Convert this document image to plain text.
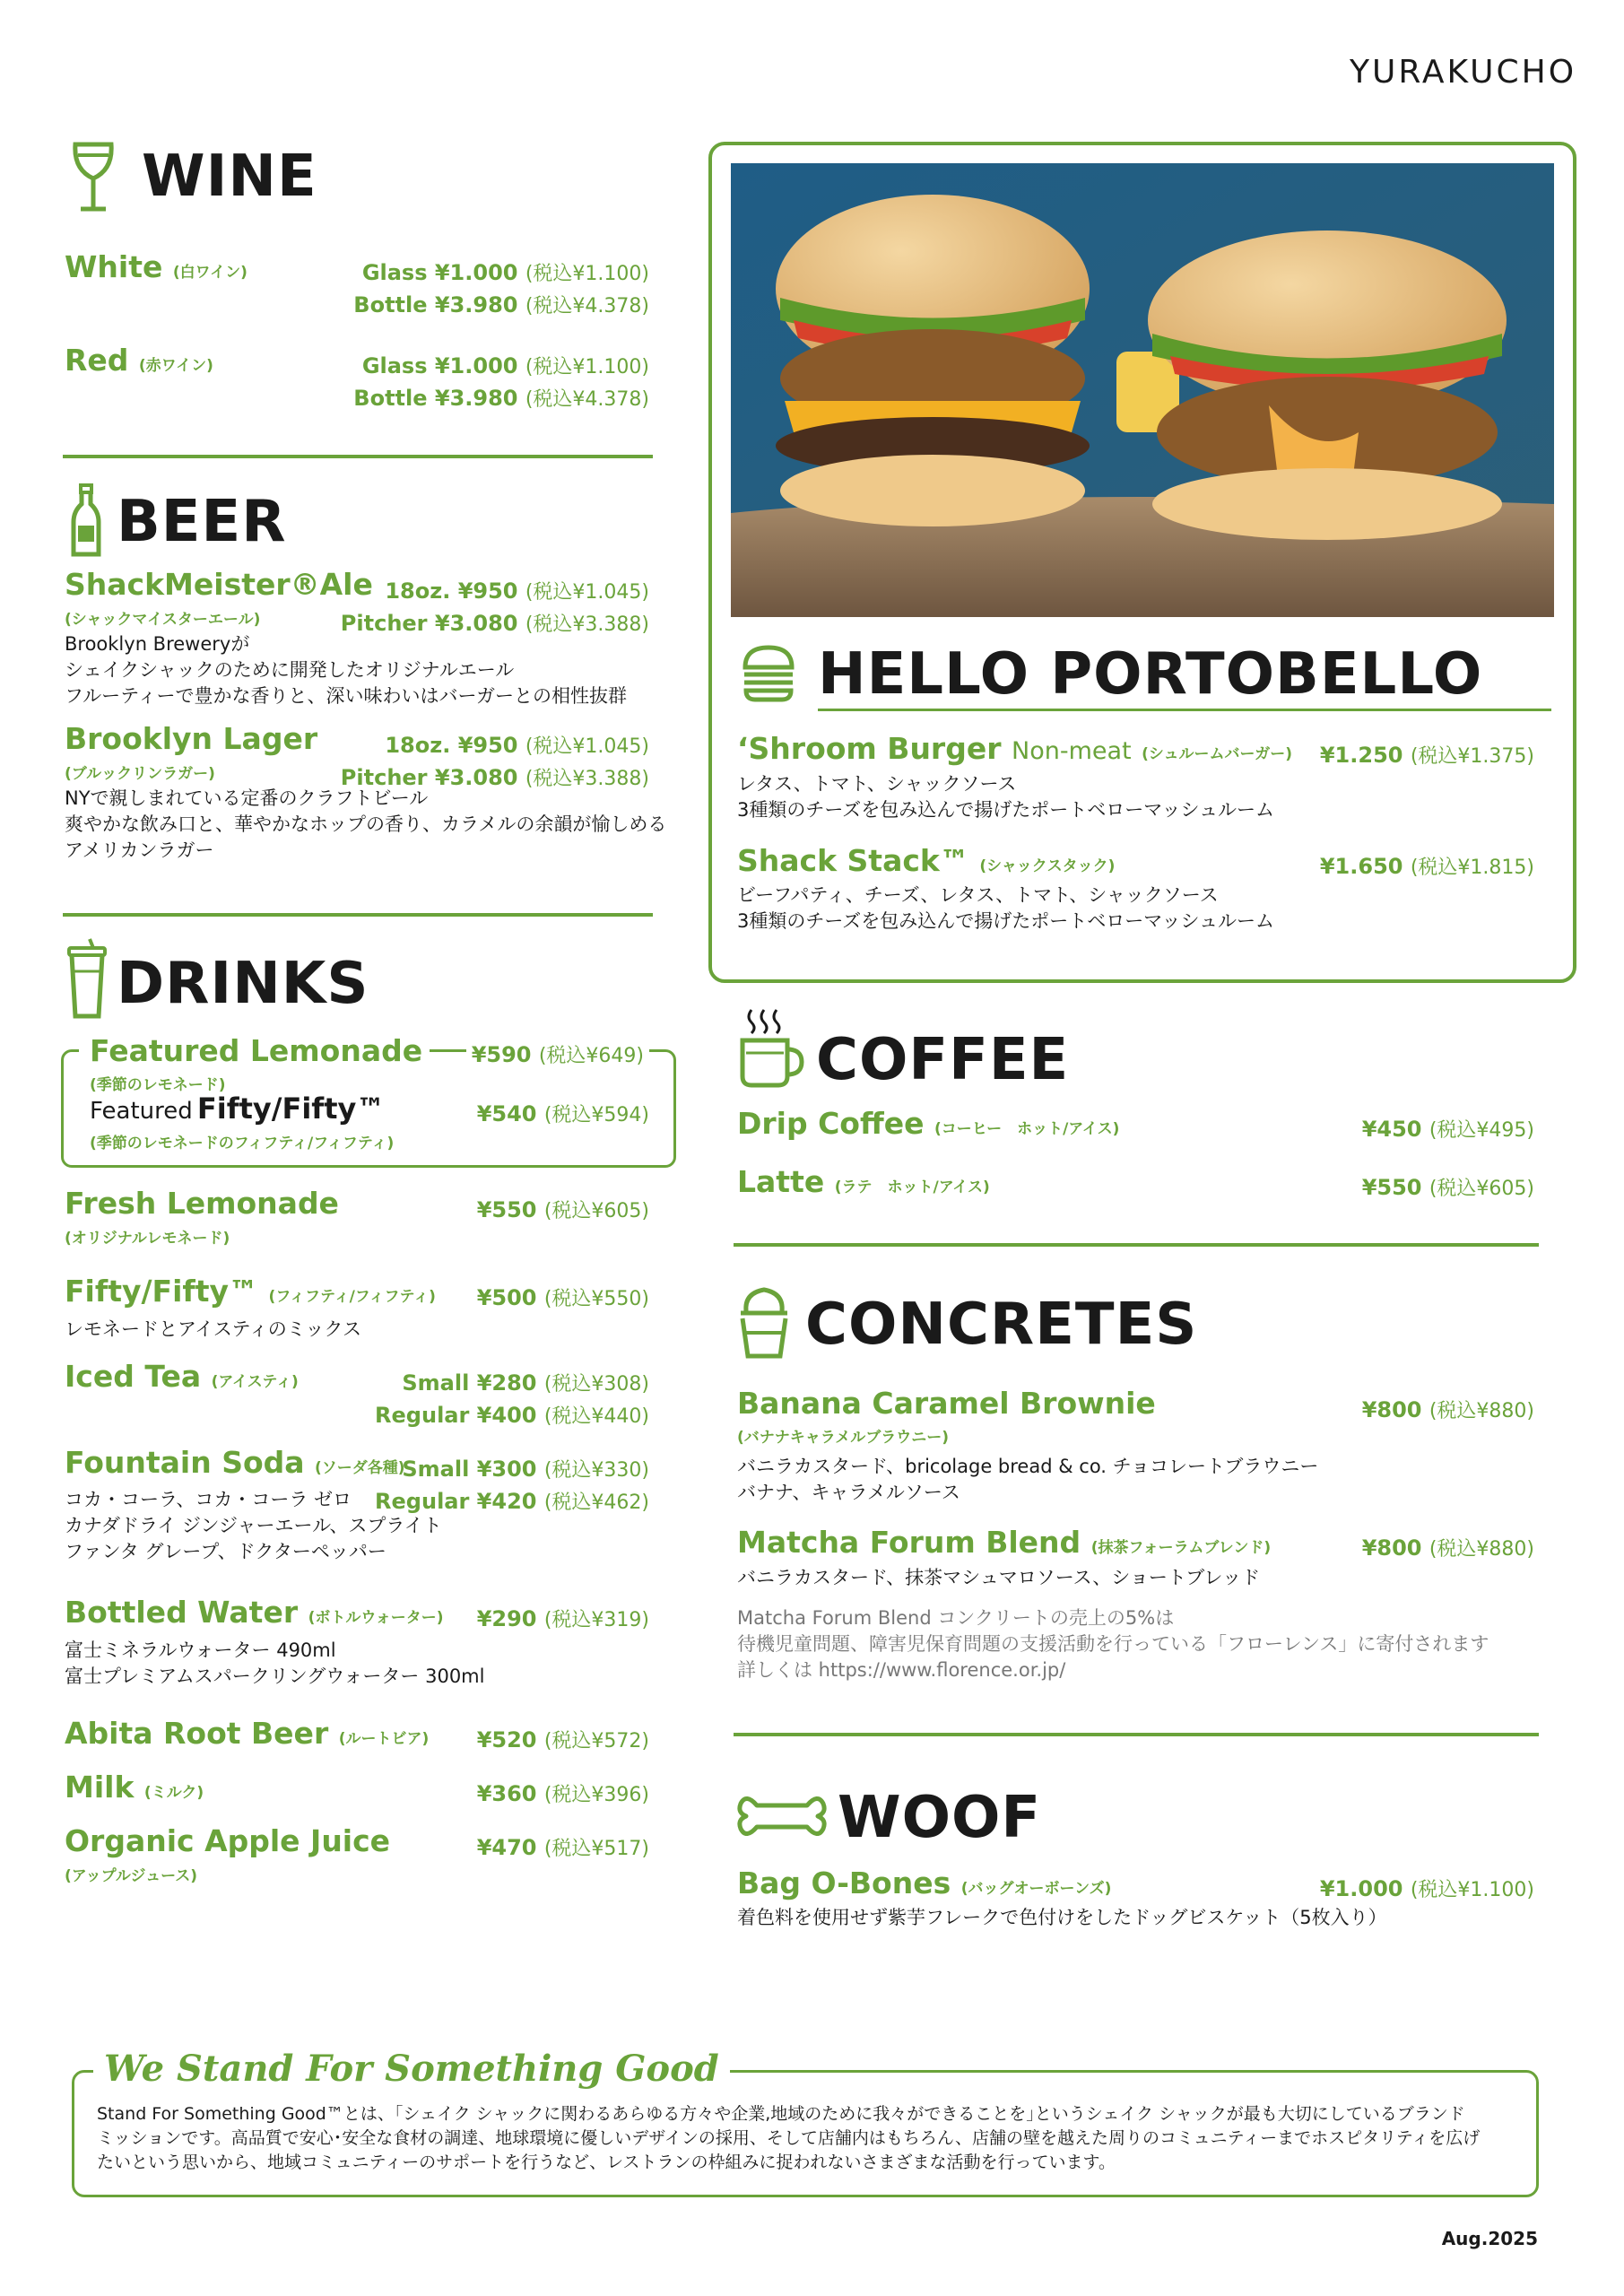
YURAKUCHO
WINE
White (白ワイン)	Glass ¥1.000 (税込¥1.100)
Bottle ¥3.980 (税込¥4.378)
Red (赤ワイン)	Glass ¥1.000 (税込¥1.100)
Bottle ¥3.980 (税込¥4.378)
BEER
ShackMeister®Ale
(シャックマイスターエール)
18oz. ¥950 (税込¥1.045)
Pitcher ¥3.080 (税込¥3.388)
Brooklyn Breweryが
シェイクシャックのために開発したオリジナルエール
フルーティーで豊かな香りと、深い味わいはバーガーとの相性抜群
Brooklyn Lager
(ブルックリンラガー)
18oz. ¥950 (税込¥1.045)
Pitcher ¥3.080 (税込¥3.388)
NYで親しまれている定番のクラフトビール
爽やかな飲み口と、華やかなホップの香り、カラメルの余韻が愉しめる
アメリカンラガー
DRINKS
Featured Lemonade	¥590 (税込¥649)
(季節のレモネード)
Featured Fifty/Fifty™	¥540 (税込¥594)
(季節のレモネードのフィフティ/フィフティ)
Fresh Lemonade
(オリジナルレモネード)
¥550 (税込¥605)
Fifty/Fifty™ (フィフティ/フィフティ) ¥500 (税込¥550)
レモネードとアイスティのミックス
Iced Tea (アイスティ)	Small ¥280 (税込¥308)
Regular ¥400 (税込¥440)
Fountain Soda (ソーダ各種)
Small ¥300 (税込¥330)
Regular ¥420 (税込¥462)
コカ・コーラ、コカ・コーラ ゼロ
カナダドライ ジンジャーエール、スプライト
ファンタ グレープ、ドクターペッパー
Bottled Water (ボトルウォーター) ¥290 (税込¥319)
富士ミネラルウォーター 490ml
富士プレミアムスパークリングウォーター 300ml
Abita Root Beer (ルートビア) ¥520 (税込¥572)
Milk (ミルク)	¥360 (税込¥396)
Organic Apple Juice
(アップルジュース)
¥470 (税込¥517)
HELLO PORTOBELLO
‘Shroom Burger Non-meat (シュルームバーガー) ¥1.250 (税込¥1.375)
レタス、トマト、シャックソース
3種類のチーズを包み込んで揚げたポートベローマッシュルーム
Shack Stack™ (シャックスタック)	¥1.650 (税込¥1.815)
ビーフパティ、チーズ、レタス、トマト、シャックソース
3種類のチーズを包み込んで揚げたポートベローマッシュルーム
COFFEE
Drip Coffee (コーヒー　ホット/アイス)	¥450 (税込¥495)
Latte (ラテ　ホット/アイス)	¥550 (税込¥605)
CONCRETES
Banana Caramel Brownie
(バナナキャラメルブラウニー)
¥800 (税込¥880)
バニラカスタード、bricolage bread & co. チョコレートブラウニー
バナナ、キャラメルソース
Matcha Forum Blend (抹茶フォーラムブレンド)	¥800 (税込¥880)
バニラカスタード、抹茶マシュマロソース、ショートブレッド
Matcha Forum Blend コンクリートの売上の5%は
待機児童問題、障害児保育問題の支援活動を行っている「フローレンス」に寄付されます
詳しくは https://www.florence.or.jp/
WOOF
Bag O-Bones (バッグオーボーンズ)	¥1.000 (税込¥1.100)
着色料を使用せず紫芋フレークで色付けをしたドッグビスケット（5枚入り）
We Stand For Something Good
Stand For Something Good™とは、｢シェイク シャックに関わるあらゆる方々や企業,地域のために我々ができることを｣というシェイク シャックが最も大切にしているブランド
ミッションです。高品質で安心･安全な食材の調達、地球環境に優しいデザインの採用、そして店舗内はもちろん、店舗の壁を越えた周りのコミュニティーまでホスピタリティを広げ
たいという思いから、地域コミュニティーのサポートを行うなど、レストランの枠組みに捉われないさまざまな活動を行っています。
Aug.2025
